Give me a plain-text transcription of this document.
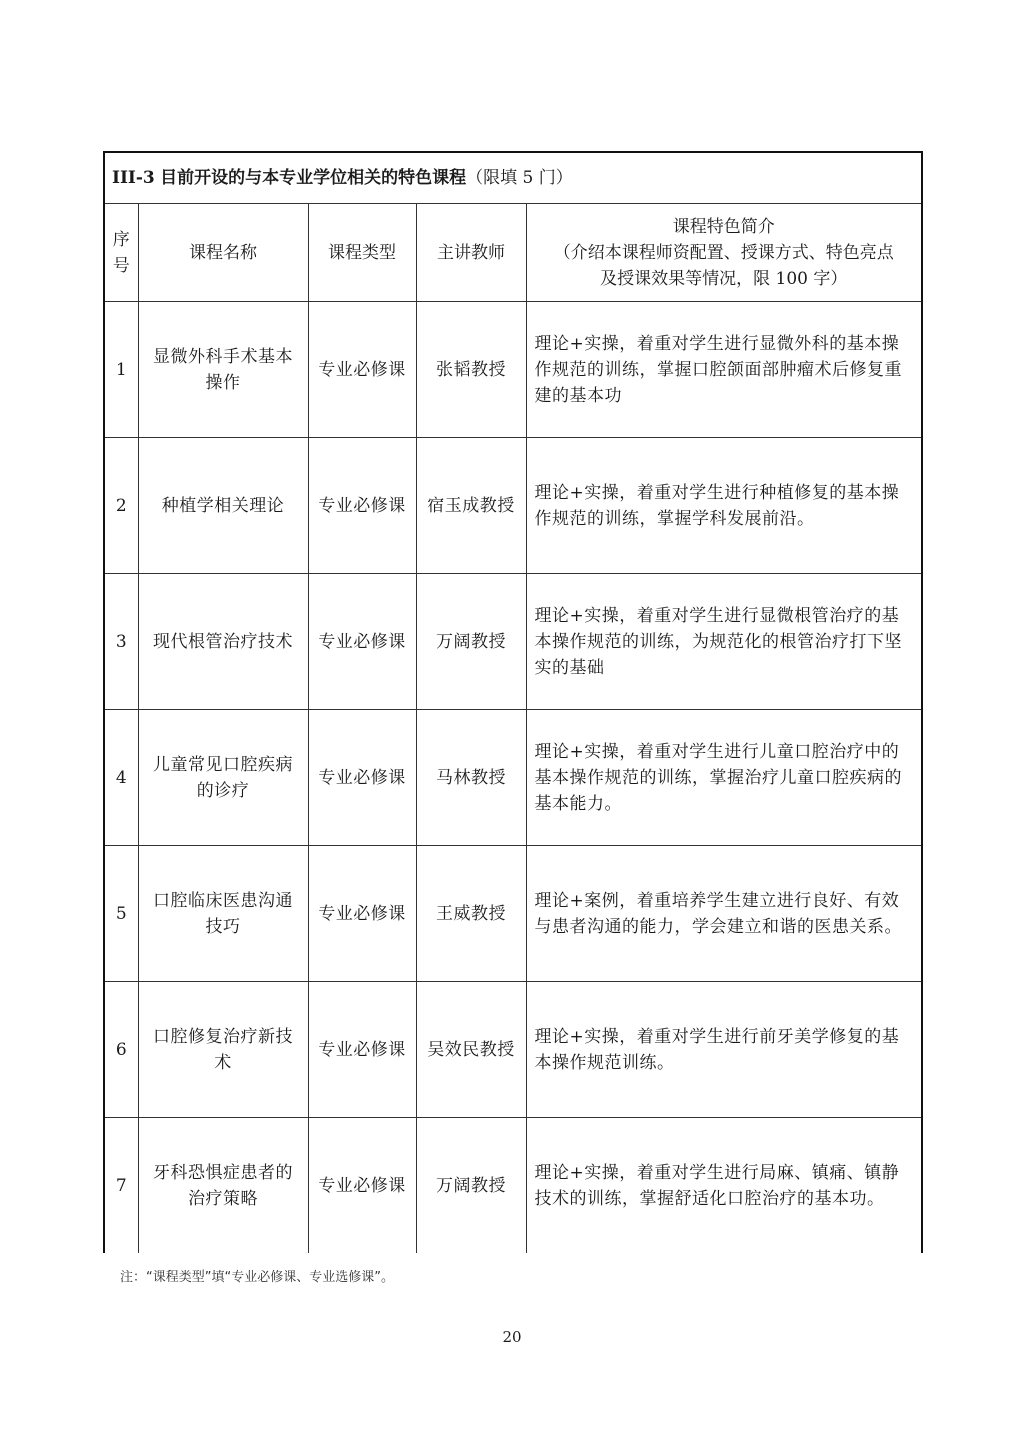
III-3 目前开设的与本专业学位相关的特色课程（限填 5 门）				
序号	课程名称	课程类型	主讲教师	课程特色简介
（介绍本课程师资配置、授课方式、特色亮点
及授课效果等情况，限 100 字）

1	显微外科手术基本操作	专业必修课	张韬教授	理论+实操，着重对学生进行显微外科的基本操作规范的训练，掌握口腔颌面部肿瘤术后修复重建的基本功
2	种植学相关理论	专业必修课	宿玉成教授	理论+实操，着重对学生进行种植修复的基本操作规范的训练，掌握学科发展前沿。
3	现代根管治疗技术	专业必修课	万阔教授	理论+实操，着重对学生进行显微根管治疗的基本操作规范的训练，为规范化的根管治疗打下坚实的基础
4	儿童常见口腔疾病的诊疗	专业必修课	马林教授	理论+实操，着重对学生进行儿童口腔治疗中的基本操作规范的训练，掌握治疗儿童口腔疾病的基本能力。
5	口腔临床医患沟通技巧	专业必修课	王威教授	理论+案例，着重培养学生建立进行良好、有效与患者沟通的能力，学会建立和谐的医患关系。
6	口腔修复治疗新技术	专业必修课	吴效民教授	理论+实操，着重对学生进行前牙美学修复的基本操作规范训练。
7	牙科恐惧症患者的治疗策略	专业必修课	万阔教授	理论+实操，着重对学生进行局麻、镇痛、镇静技术的训练，掌握舒适化口腔治疗的基本功。
注：“课程类型”填“专业必修课、专业选修课”。
20
